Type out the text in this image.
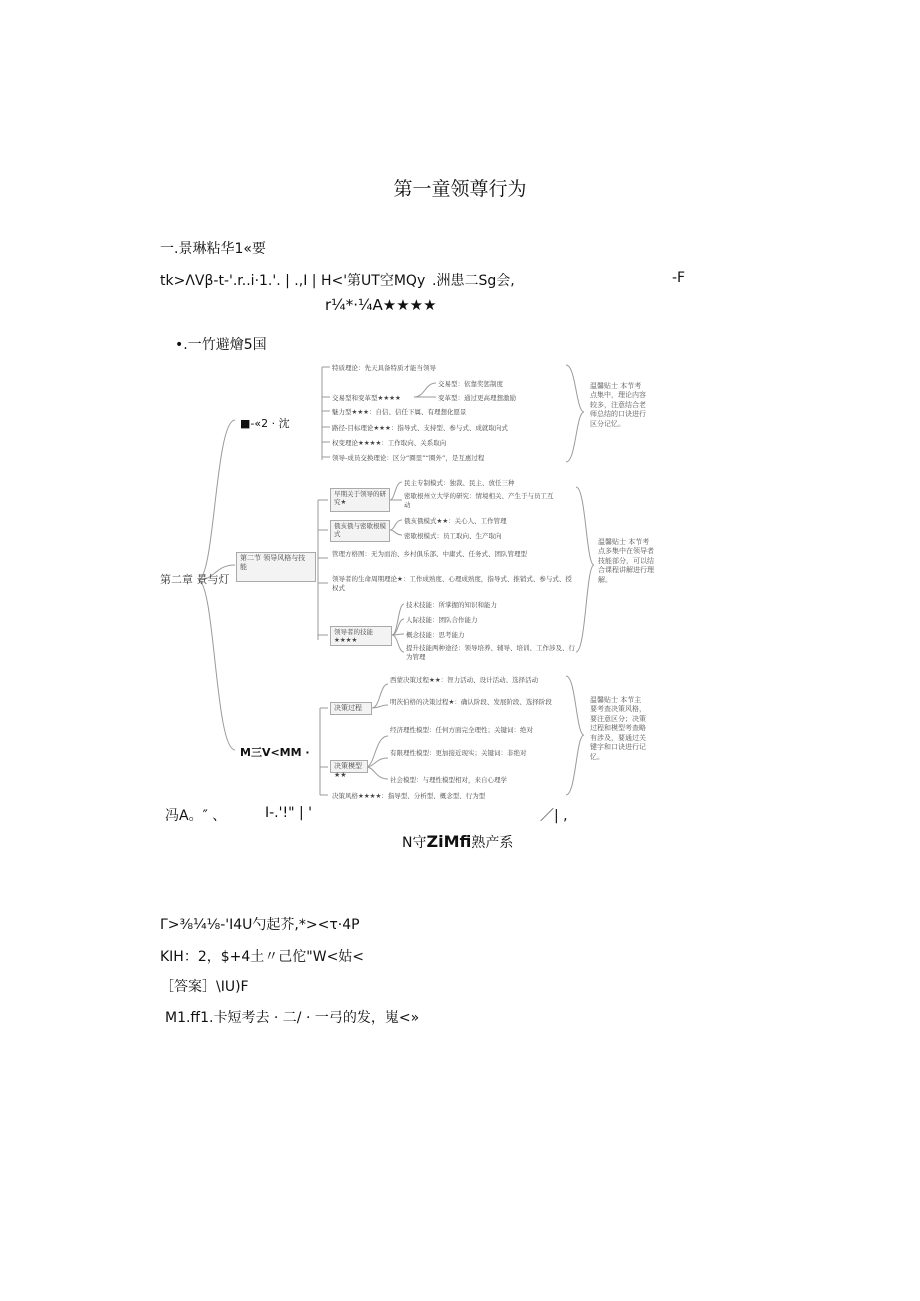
第一童领尊行为
一.景琳粘华1«要
tk>ΛVβ-t-'.r..i·1.'. | .,I | H<'第UT空MQy .洲患二Sg会,	-F
r¼*·¼A★★★★
•.一竹避燴5国
第二章 景与灯
■-«2 · 沈
第二节 领导风格与技能
M三V<MM ·
特质理论：先天具备特质才能当领导
交易型和变革型★★★★
交易型：依靠奖惩制度
变革型：通过更高理想激励
魅力型★★★：自信、信任下属、有理想化愿景
路径-目标理论★★★：指导式、支持型、参与式、成就取向式
权变理论★★★★：工作取向、关系取向
领导-成员交换理论：区分“圈里”“圈外”，是互惠过程
早期关于领导的研究★
民主专制模式：独裁、民主、放任三种
密歇根州立大学的研究：情境相关、产生于与员工互动
俄亥俄与密歇根模式
俄亥俄模式★★：关心人、工作管理
密歇根模式：员工取向、生产取向
管理方格图：无为而治、乡村俱乐部、中庸式、任务式、团队管理型
领导者的生命周期理论★：工作成熟度、心理成熟度，指导式、推销式、参与式、授权式
领导者的技能★★★★
技术技能：所掌握的知识和能力
人际技能：团队合作能力
概念技能：思考能力
提升技能两种途径：领导培养、辅导、培训、工作涉及、行为管理
决策过程
西蒙决策过程★★：智力活动、设计活动、选择活动
明茨伯格的决策过程★：确认阶段、发展阶段、选择阶段
决策模型★★
经济理性模型：任何方面完全理性；关键词：绝对
有限理性模型：更加接近现实；关键词：非绝对
社会模型：与理性模型相对，来自心理学
决策风格★★★★：指导型、分析型、概念型、行为型
温馨贴士 本节考点集中，理论内容较多，注意结合老师总结的口诀进行区分记忆。
温馨贴士 本节考点多集中在领导者技能部分，可以结合课程讲解进行理解。
温馨贴士 本节主要考查决策风格，要注意区分；决策过程和模型考查略有涉及，要通过关键字和口诀进行记忆。
冯A。″ 、	I-.'!" | '	／| ,
N守ZiMfi熟产系
Γ>⅜¼⅛-'I4U勺起芥,*><τ·4P
KIH：2，$+4土〃己佗"W<姑<
［答案］\IU)F
M1.ff1.卡短考去 · 二/ · 一弓的发，嵬<»
